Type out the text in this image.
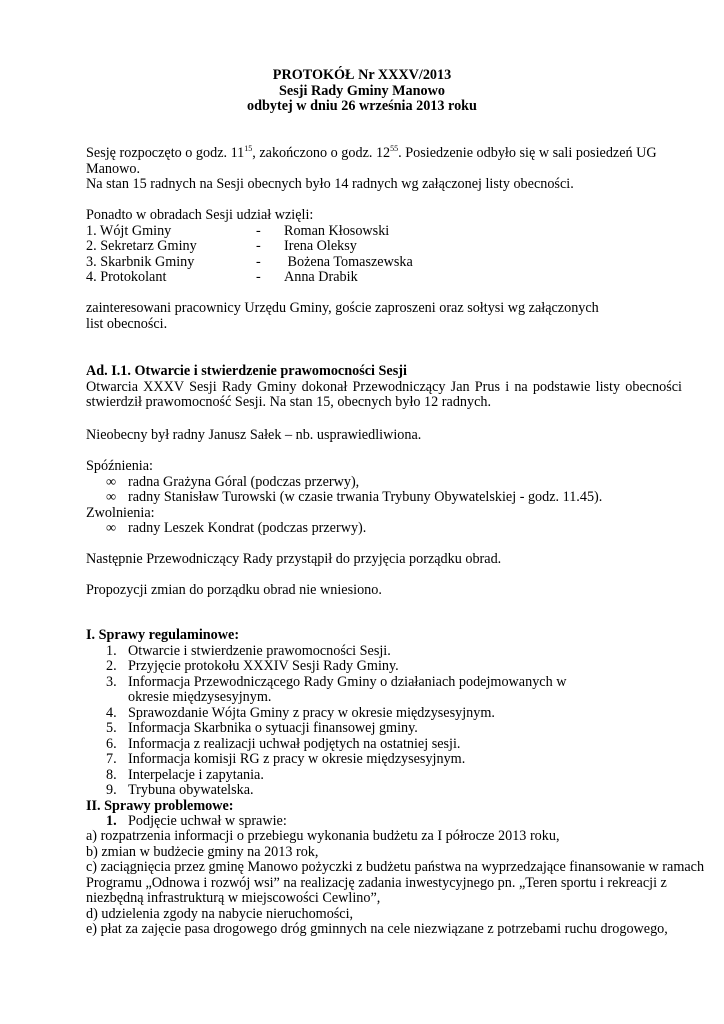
PROTOKÓŁ Nr XXXV/2013
Sesji Rady Gminy Manowo
odbytej w dniu 26 września 2013 roku
Sesję rozpoczęto o godz. $11^{15}$, zakończono o godz. $12^{55}$. Posiedzenie odbyło się w sali posiedzeń UG Manowo.
Na stan 15 radnych na Sesji obecnych było 14 radnych wg załączonej listy obecności.
Ponadto w obradach Sesji udział wzięli:
1. Wójt Gminy	-	Roman Kłosowski
2. Sekretarz Gminy	-	Irena Oleksy
3. Skarbnik Gminy	-	Bożena Tomaszewska
4. Protokolant	-	Anna Drabik
zainteresowani pracownicy Urzędu Gminy, goście zaproszeni oraz sołtysi wg załączonych
list obecności.
Ad. I.1. Otwarcie i stwierdzenie prawomocności Sesji
Otwarcia XXXV Sesji Rady Gminy dokonał Przewodniczący Jan Prus i na podstawie listy obecności stwierdził prawomocność Sesji. Na stan 15, obecnych było 12 radnych.
Nieobecny był radny Janusz Sałek – nb. usprawiedliwiona.
Spóźnienia:
∞ radna Grażyna Góral (podczas przerwy),
∞ radny Stanisław Turowski (w czasie trwania Trybuny Obywatelskiej - godz. 11.45).
Zwolnienia:
∞ radny Leszek Kondrat (podczas przerwy).
Następnie Przewodniczący Rady przystąpił do przyjęcia porządku obrad.
Propozycji zmian do porządku obrad nie wniesiono.
I. Sprawy regulaminowe:
1. Otwarcie i stwierdzenie prawomocności Sesji.
2. Przyjęcie protokołu XXXIV Sesji Rady Gminy.
3. Informacja Przewodniczącego Rady Gminy o działaniach podejmowanych w okresie międzysesyjnym.
4. Sprawozdanie Wójta Gminy z pracy w okresie międzysesyjnym.
5. Informacja Skarbnika o sytuacji finansowej gminy.
6. Informacja z realizacji uchwał podjętych na ostatniej sesji.
7. Informacja komisji RG z pracy w okresie międzysesyjnym.
8. Interpelacje i zapytania.
9. Trybuna obywatelska.
II. Sprawy problemowe:
1. Podjęcie uchwał w sprawie:
a) rozpatrzenia informacji o przebiegu wykonania budżetu za I półrocze 2013 roku,
b) zmian w budżecie gminy na 2013 rok,
c) zaciągnięcia przez gminę Manowo pożyczki z budżetu państwa na wyprzedzające finansowanie w ramach
Programu „Odnowa i rozwój wsi” na realizację zadania inwestycyjnego pn. „Teren sportu i rekreacji z
niezbędną infrastrukturą w miejscowości Cewlino”,
d) udzielenia zgody na nabycie nieruchomości,
e) płat za zajęcie pasa drogowego dróg gminnych na cele niezwiązane z potrzebami ruchu drogowego,
